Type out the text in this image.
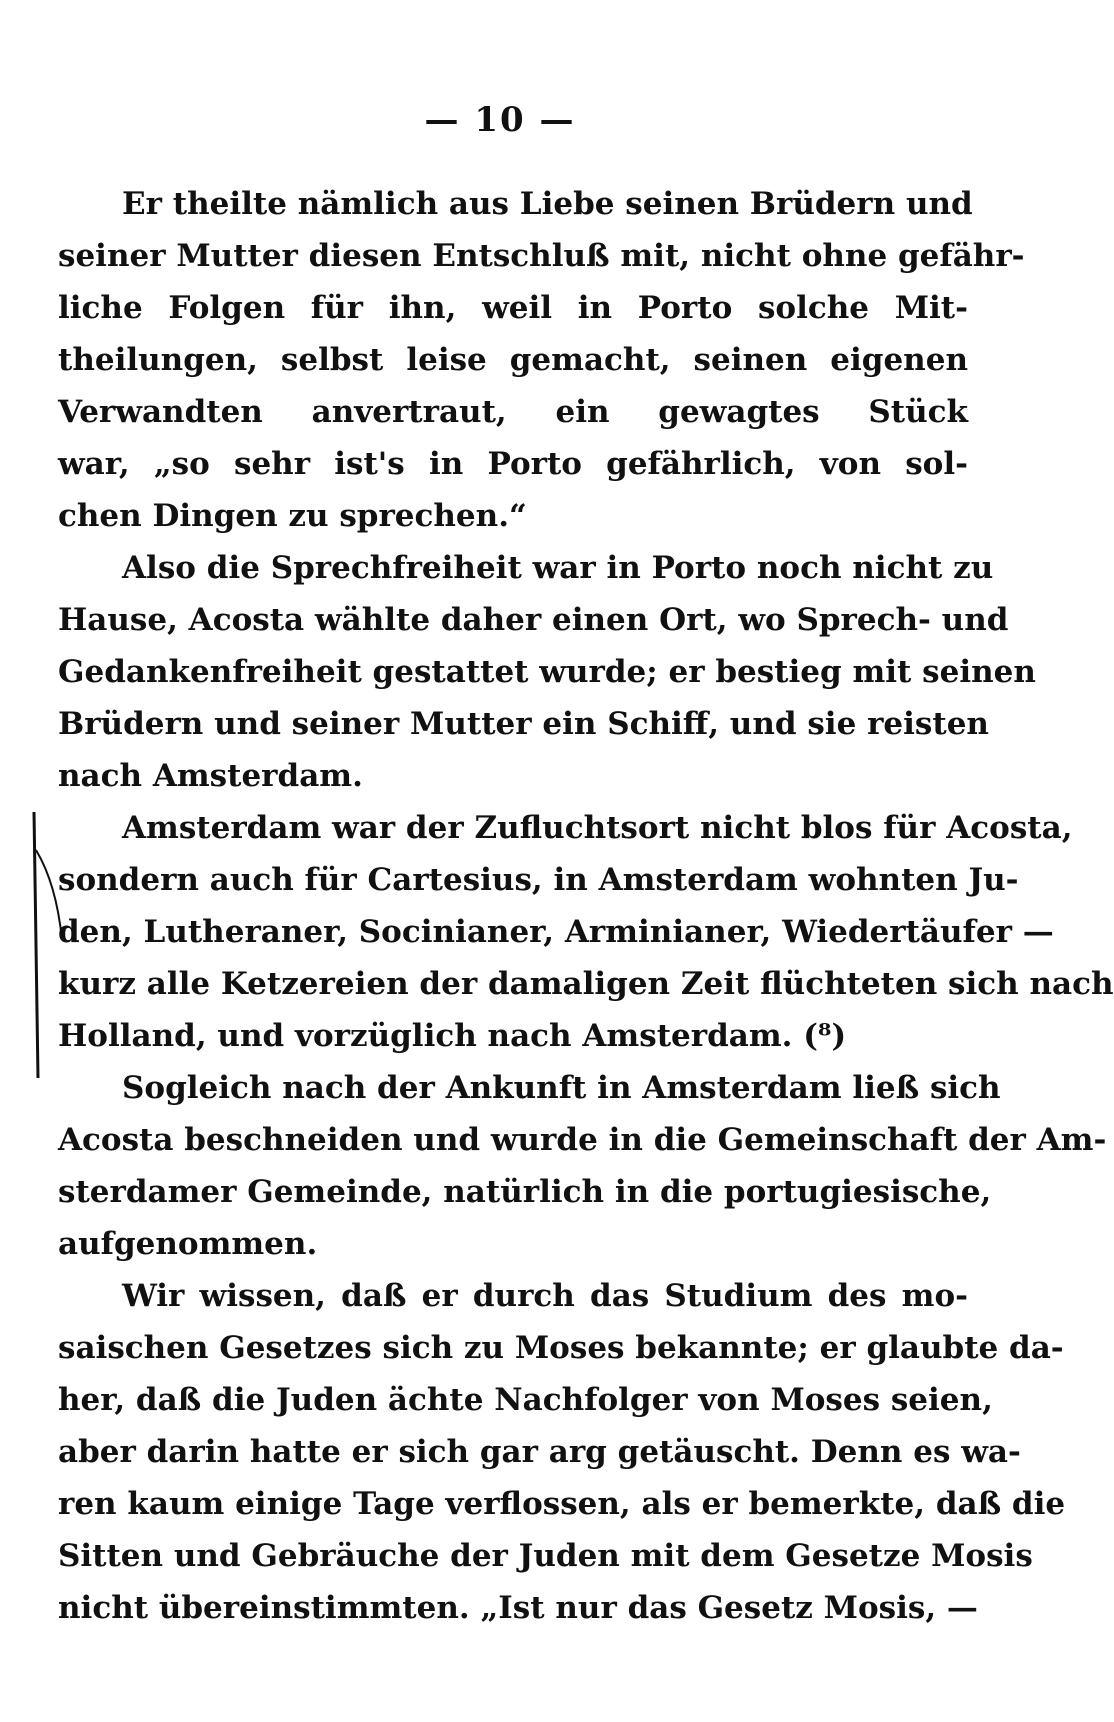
— 10 —
Er theilte nämlich aus Liebe seinen Brüdern und
seiner Mutter diesen Entschluß mit, nicht ohne gefähr-
liche Folgen für ihn, weil in Porto solche Mit-
theilungen, selbst leise gemacht, seinen eigenen
Verwandten anvertraut, ein gewagtes Stück
war, „so sehr ist's in Porto gefährlich, von sol-
chen Dingen zu sprechen.“
Also die Sprechfreiheit war in Porto noch nicht zu
Hause, Acosta wählte daher einen Ort, wo Sprech- und
Gedankenfreiheit gestattet wurde; er bestieg mit seinen
Brüdern und seiner Mutter ein Schiff, und sie reisten
nach Amsterdam.
Amsterdam war der Zufluchtsort nicht blos für Acosta,
sondern auch für Cartesius, in Amsterdam wohnten Ju-
den, Lutheraner, Socinianer, Arminianer, Wiedertäufer —
kurz alle Ketzereien der damaligen Zeit flüchteten sich nach
Holland, und vorzüglich nach Amsterdam. (⁸)
Sogleich nach der Ankunft in Amsterdam ließ sich
Acosta beschneiden und wurde in die Gemeinschaft der Am-
sterdamer Gemeinde, natürlich in die portugiesische,
aufgenommen.
Wir wissen, daß er durch das Studium des mo-
saischen Gesetzes sich zu Moses bekannte; er glaubte da-
her, daß die Juden ächte Nachfolger von Moses seien,
aber darin hatte er sich gar arg getäuscht. Denn es wa-
ren kaum einige Tage verflossen, als er bemerkte, daß die
Sitten und Gebräuche der Juden mit dem Gesetze Mosis
nicht übereinstimmten. „Ist nur das Gesetz Mosis, —
